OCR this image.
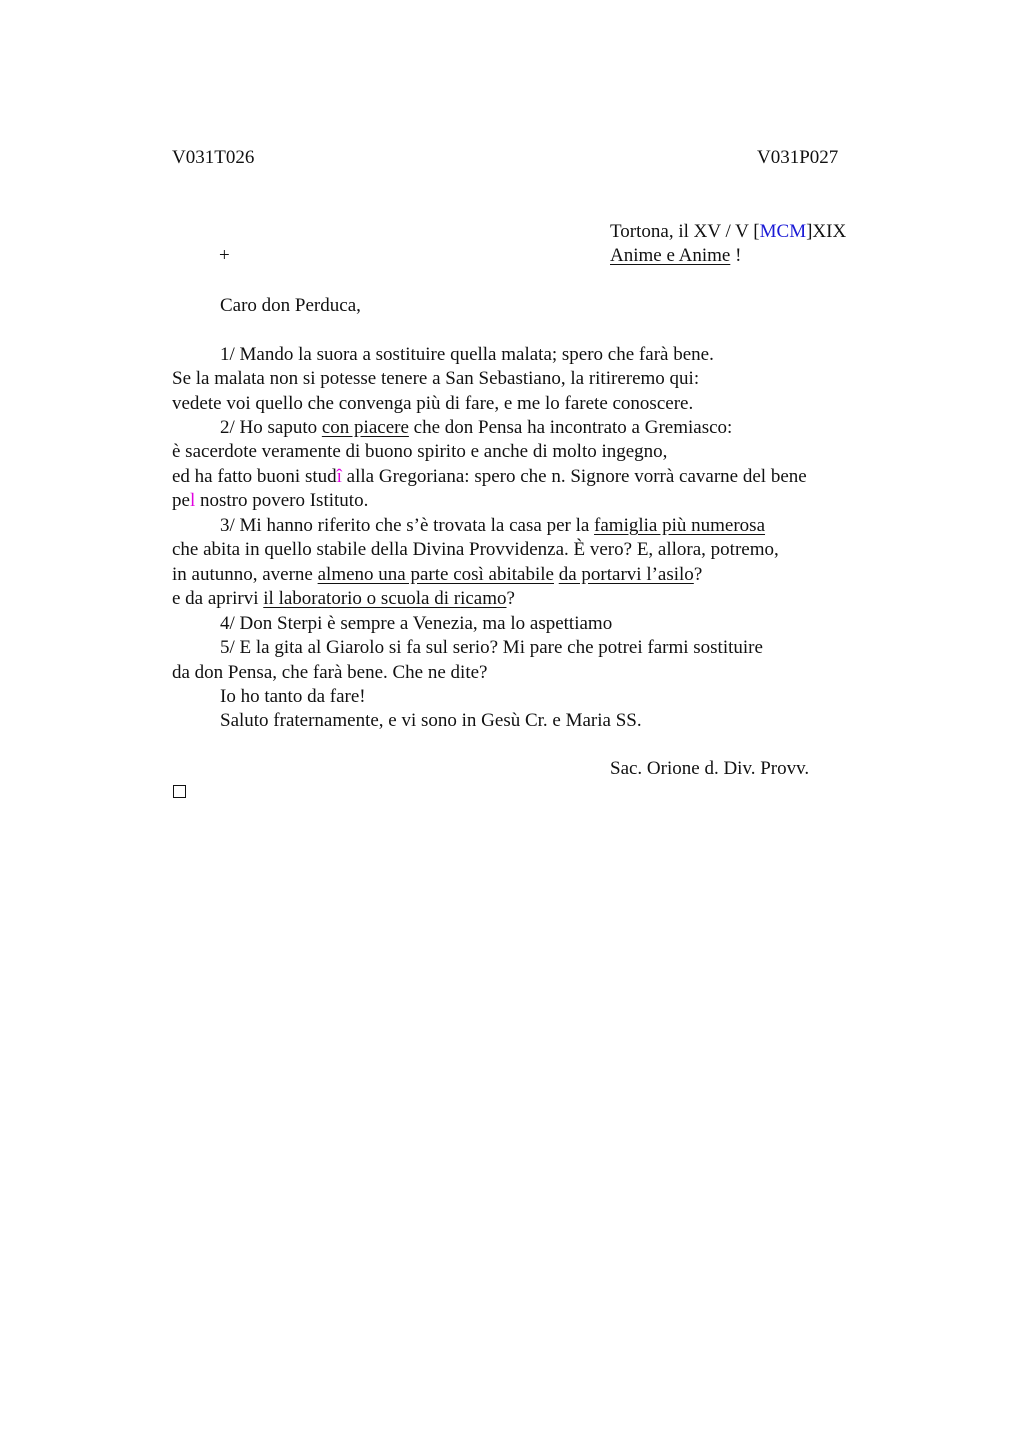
V031T026	V031P027
Tortona, il XV / V [MCM]XIX
+	Anime e Anime !
Caro don Perduca,
1/ Mando la suora a sostituire quella malata; spero che farà bene.
Se la malata non si potesse tenere a San Sebastiano, la ritireremo qui:
vedete voi quello che convenga più di fare, e me lo farete conoscere.
2/ Ho saputo con piacere che don Pensa ha incontrato a Gremiasco:
è sacerdote veramente di buono spirito e anche di molto ingegno,
ed ha fatto buoni studî alla Gregoriana: spero che n. Signore vorrà cavarne del bene
pel nostro povero Istituto.
3/ Mi hanno riferito che s’è trovata la casa per la famiglia più numerosa
che abita in quello stabile della Divina Provvidenza. È vero? E, allora, potremo,
in autunno, averne almeno una parte così abitabile da portarvi l’asilo?
e da aprirvi il laboratorio o scuola di ricamo?
4/ Don Sterpi è sempre a Venezia, ma lo aspettiamo
5/ E la gita al Giarolo si fa sul serio? Mi pare che potrei farmi sostituire
da don Pensa, che farà bene. Che ne dite?
Io ho tanto da fare!
Saluto fraternamente, e vi sono in Gesù Cr. e Maria SS.
Sac. Orione d. Div. Provv.
